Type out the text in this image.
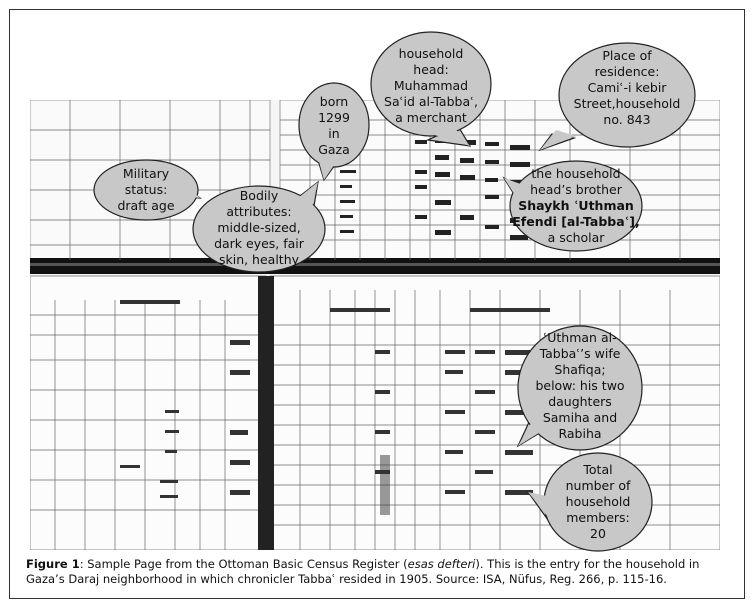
household
head:
Muhammad
Saʿid al-Tabbaʿ,
a merchant
born
1299
in
Gaza
Place of
residence:
Camiʿ-i kebir
Street,household
no. 843
Military
status:
draft age
Bodily
attributes:
middle-sized,
dark eyes, fair
skin, healthy
the household
head’s brother
Shaykh ʿUthman
Efendi [al-Tabbaʿ],
a scholar
ʿUthman al-
Tabbaʿ’s wife
Shafiqa;
below: his two
daughters
Samiha and
Rabiha
Total
number of
household
members:
20
Figure 1: Sample Page from the Ottoman Basic Census Register (esas defteri). This is the entry for the household in Gaza’s Daraj neighborhood in which chronicler Tabbaʿ resided in 1905. Source: ISA, Nüfus, Reg. 266, p. 115-16.
